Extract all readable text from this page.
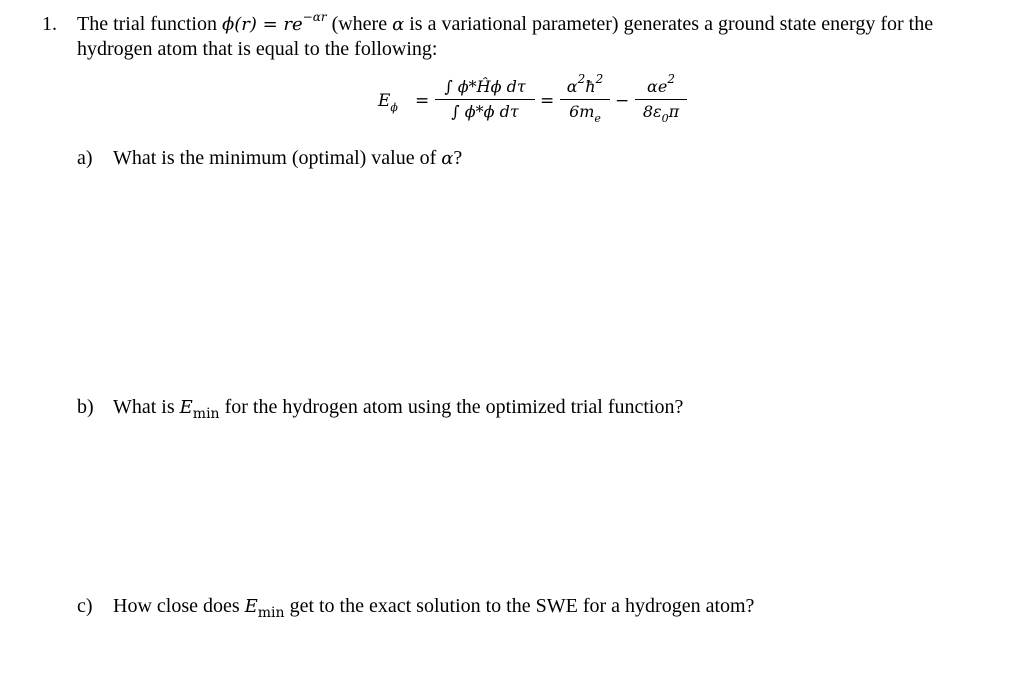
1. The trial function $\phi(r) = re^{-\alpha r}$ (where α is a variational parameter) generates a ground state energy for the
hydrogen atom that is equal to the following:
$E_\phi$ =
∫ ϕ*Ĥϕ dτ
∫ ϕ*ϕ dτ
=
$\alpha^2ħ^2$
$6m_e$
−
$\alpha e^2$
$8\varepsilon_0\pi$
a) What is the minimum (optimal) value of α?
b) What is $E_{min}$ for the hydrogen atom using the optimized trial function?
c) How close does $E_{min}$ get to the exact solution to the SWE for a hydrogen atom?
